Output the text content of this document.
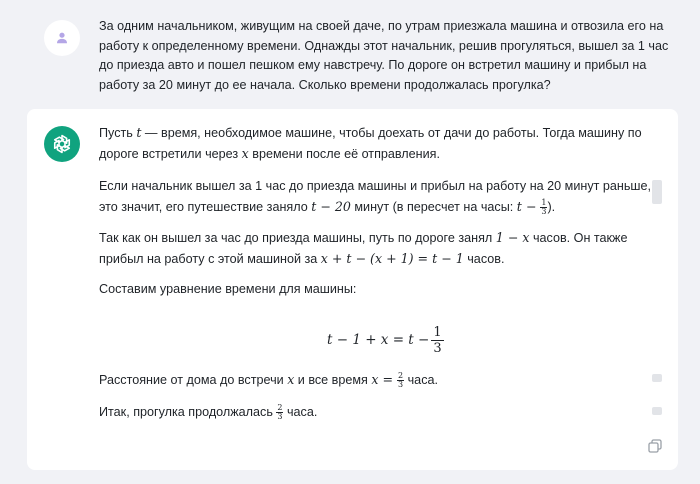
За одним начальником, живущим на своей даче, по утрам приезжала машина и отвозила его на работу к определенному времени. Однажды этот начальник, решив прогуляться, вышел за 1 час до приезда авто и пошел пешком ему навстречу. По дороге он встретил машину и прибыл на работу за 20 минут до ее начала. Сколько времени продолжалась прогулка?

Пусть t — время, необходимое машине, чтобы доехать от дачи до работы. Тогда машину по дороге встретили через x времени после её отправления.

Если начальник вышел за 1 час до приезда машины и прибыл на работу на 20 минут раньше, это значит, его путешествие заняло t − 20 минут (в пересчет на часы: $t - \frac{1}{3}$ ).

Так как он вышел за час до приезда машины, путь по дороге занял 1 − x часов. Он также прибыл на работу с этой машиной за x + t − (x + 1) = t − 1 часов.

Составим уравнение времени для машины:

$t - 1 + x = t - \frac{1}{3}$

Расстояние от дома до встречи x и все время $x = \frac{2}{3}$ часа.

Итак, прогулка продолжалась $\frac{2}{3}$ часа.
